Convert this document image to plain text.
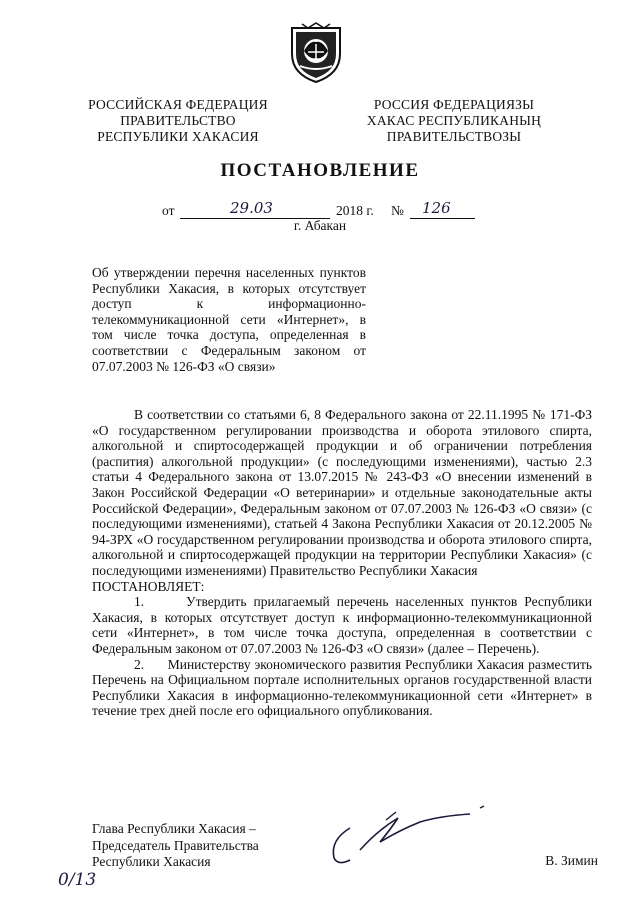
РОССИЙСКАЯ ФЕДЕРАЦИЯ
ПРАВИТЕЛЬСТВО
РЕСПУБЛИКИ ХАКАСИЯ
РОССИЯ ФЕДЕРАЦИЯЗЫ
ХАКАС РЕСПУБЛИКАНЫҢ
ПРАВИТЕЛЬСТВОЗЫ
ПОСТАНОВЛЕНИЕ
от	29.03	2018 г. № 126
г. Абакан

Об утверждении перечня населенных пунктов Республики Хакасия, в которых отсутствует доступ к информационно-телекоммуникационной сети «Интернет», в том числе точка доступа, определенная в соответствии с Федеральным законом от 07.07.2003 № 126-ФЗ «О связи»

В соответствии со статьями 6, 8 Федерального закона от 22.11.1995 № 171-ФЗ «О государственном регулировании производства и оборота этилового спирта, алкогольной и спиртосодержащей продукции и об ограничении потребления (распития) алкогольной продукции» (с последующими изменениями), частью 2.3 статьи 4 Федерального закона от 13.07.2015 № 243-ФЗ «О внесении изменений в Закон Российской Федерации «О ветеринарии» и отдельные законодательные акты Российской Федерации», Федеральным законом от 07.07.2003 № 126-ФЗ «О связи» (с последующими изменениями), статьей 4 Закона Республики Хакасия от 20.12.2005 № 94-ЗРХ «О государственном регулировании производства и оборота этилового спирта, алкогольной и спиртосодержащей продукции на территории Республики Хакасия» (с последующими изменениями) Правительство Республики Хакасия

ПОСТАНОВЛЯЕТ:

1.      Утвердить прилагаемый перечень населенных пунктов Республики Хакасия, в которых отсутствует доступ к информационно-телекоммуникационной сети «Интернет», в том числе точка доступа, определенная в соответствии с Федеральным законом от 07.07.2003 № 126-ФЗ «О связи» (далее – Перечень).

2.      Министерству экономического развития Республики Хакасия разместить Перечень на Официальном портале исполнительных органов государственной власти Республики Хакасия в информационно-телекоммуникационной сети «Интернет» в течение трех дней после его официального опубликования.

Глава Республики Хакасия –
Председатель Правительства
Республики Хакасия	В. Зимин
0/13
